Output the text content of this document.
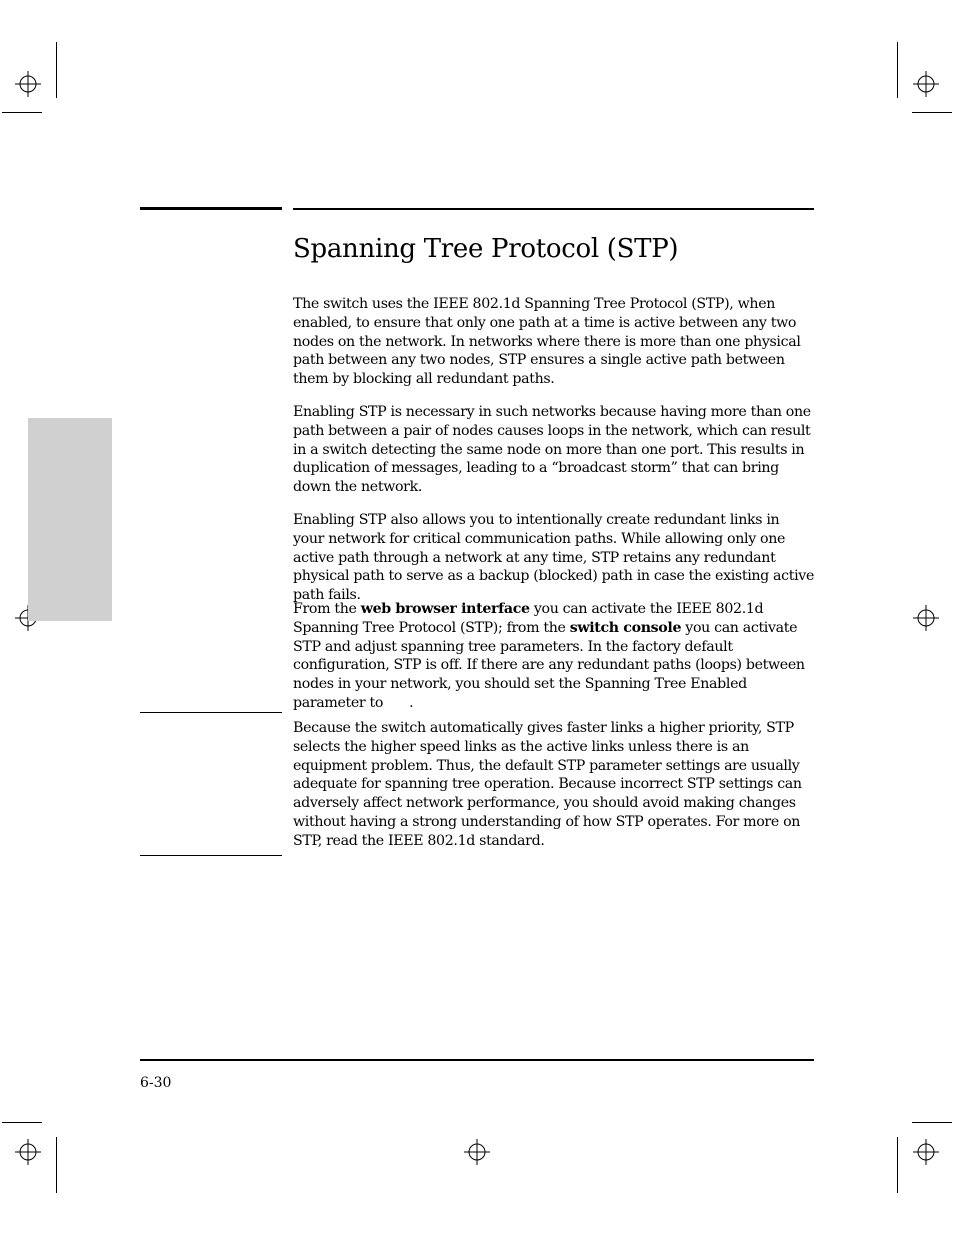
Spanning Tree Protocol (STP)

The switch uses the IEEE 802.1d Spanning Tree Protocol (STP), when enabled, to ensure that only one path at a time is active between any two nodes on the network. In networks where there is more than one physical path between any two nodes, STP ensures a single active path between them by blocking all redundant paths.

Enabling STP is necessary in such networks because having more than one path between a pair of nodes causes loops in the network, which can result in a switch detecting the same node on more than one port. This results in duplication of messages, leading to a “broadcast storm” that can bring down the network.

Enabling STP also allows you to intentionally create redundant links in your network for critical communication paths. While allowing only one active path through a network at any time, STP retains any redundant physical path to serve as a backup (blocked) path in case the existing active path fails.

From the web browser interface you can activate the IEEE 802.1d Spanning Tree Protocol (STP); from the switch console you can activate STP and adjust spanning tree parameters. In the factory default configuration, STP is off. If there are any redundant paths (loops) between nodes in your network, you should set the Spanning Tree Enabled parameter to .

Because the switch automatically gives faster links a higher priority, STP selects the higher speed links as the active links unless there is an equipment problem. Thus, the default STP parameter settings are usually adequate for spanning tree operation. Because incorrect STP settings can adversely affect network performance, you should avoid making changes without having a strong understanding of how STP operates. For more on STP, read the IEEE 802.1d standard.

6-30
